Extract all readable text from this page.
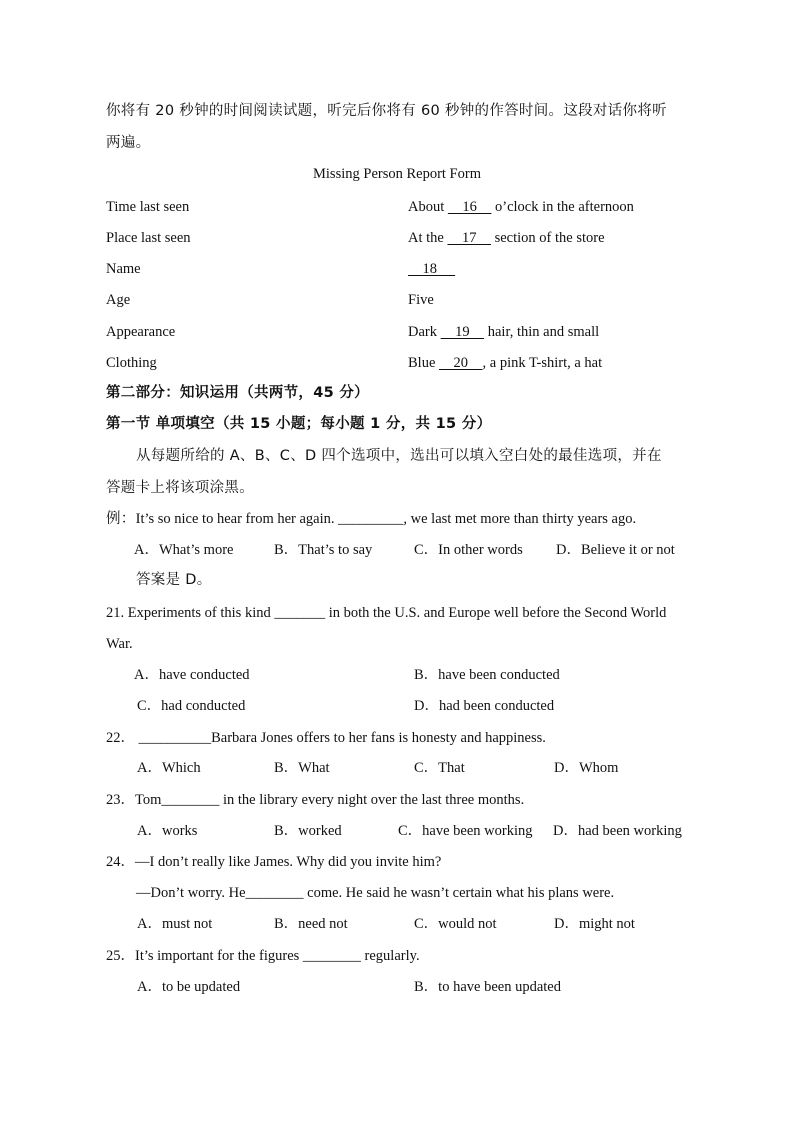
你将有 20 秒钟的时间阅读试题，听完后你将有 60 秒钟的作答时间。这段对话你将听
两遍。
Missing Person Report Form
Time last seen	About     16     o’clock in the afternoon
Place last seen	At the     17     section of the store
Name	18
Age	Five
Appearance	Dark     19     hair, thin and small
Clothing	Blue     20    , a pink T-shirt, a hat
第二部分：知识运用（共两节，45 分）
第一节 单项填空（共 15 小题；每小题 1 分，共 15 分）
从每题所给的 A、B、C、D 四个选项中，选出可以填入空白处的最佳选项，并在
答题卡上将该项涂黑。
例：It’s so nice to hear from her again. _________, we last met more than thirty years ago.
A．What’s more	B．That’s to say	C．In other words D．Believe it or not
答案是 D。
21. Experiments of this kind _______ in both the U.S. and Europe well before the Second World
War.
A．have conducted	B．have been conducted
C．had conducted	D．had been conducted
22． __________Barbara Jones offers to her fans is honesty and happiness.
A．Which	B．What	C．That	D．Whom
23．Tom________ in the library every night over the last three months.
A．works	B．worked	C．have been working D．had been working
24．—I don’t really like James. Why did you invite him?
—Don’t worry. He________ come. He said he wasn’t certain what his plans were.
A．must not	B．need not	C．would not	D．might not
25．It’s important for the figures ________ regularly.
A．to be updated	B．to have been updated
